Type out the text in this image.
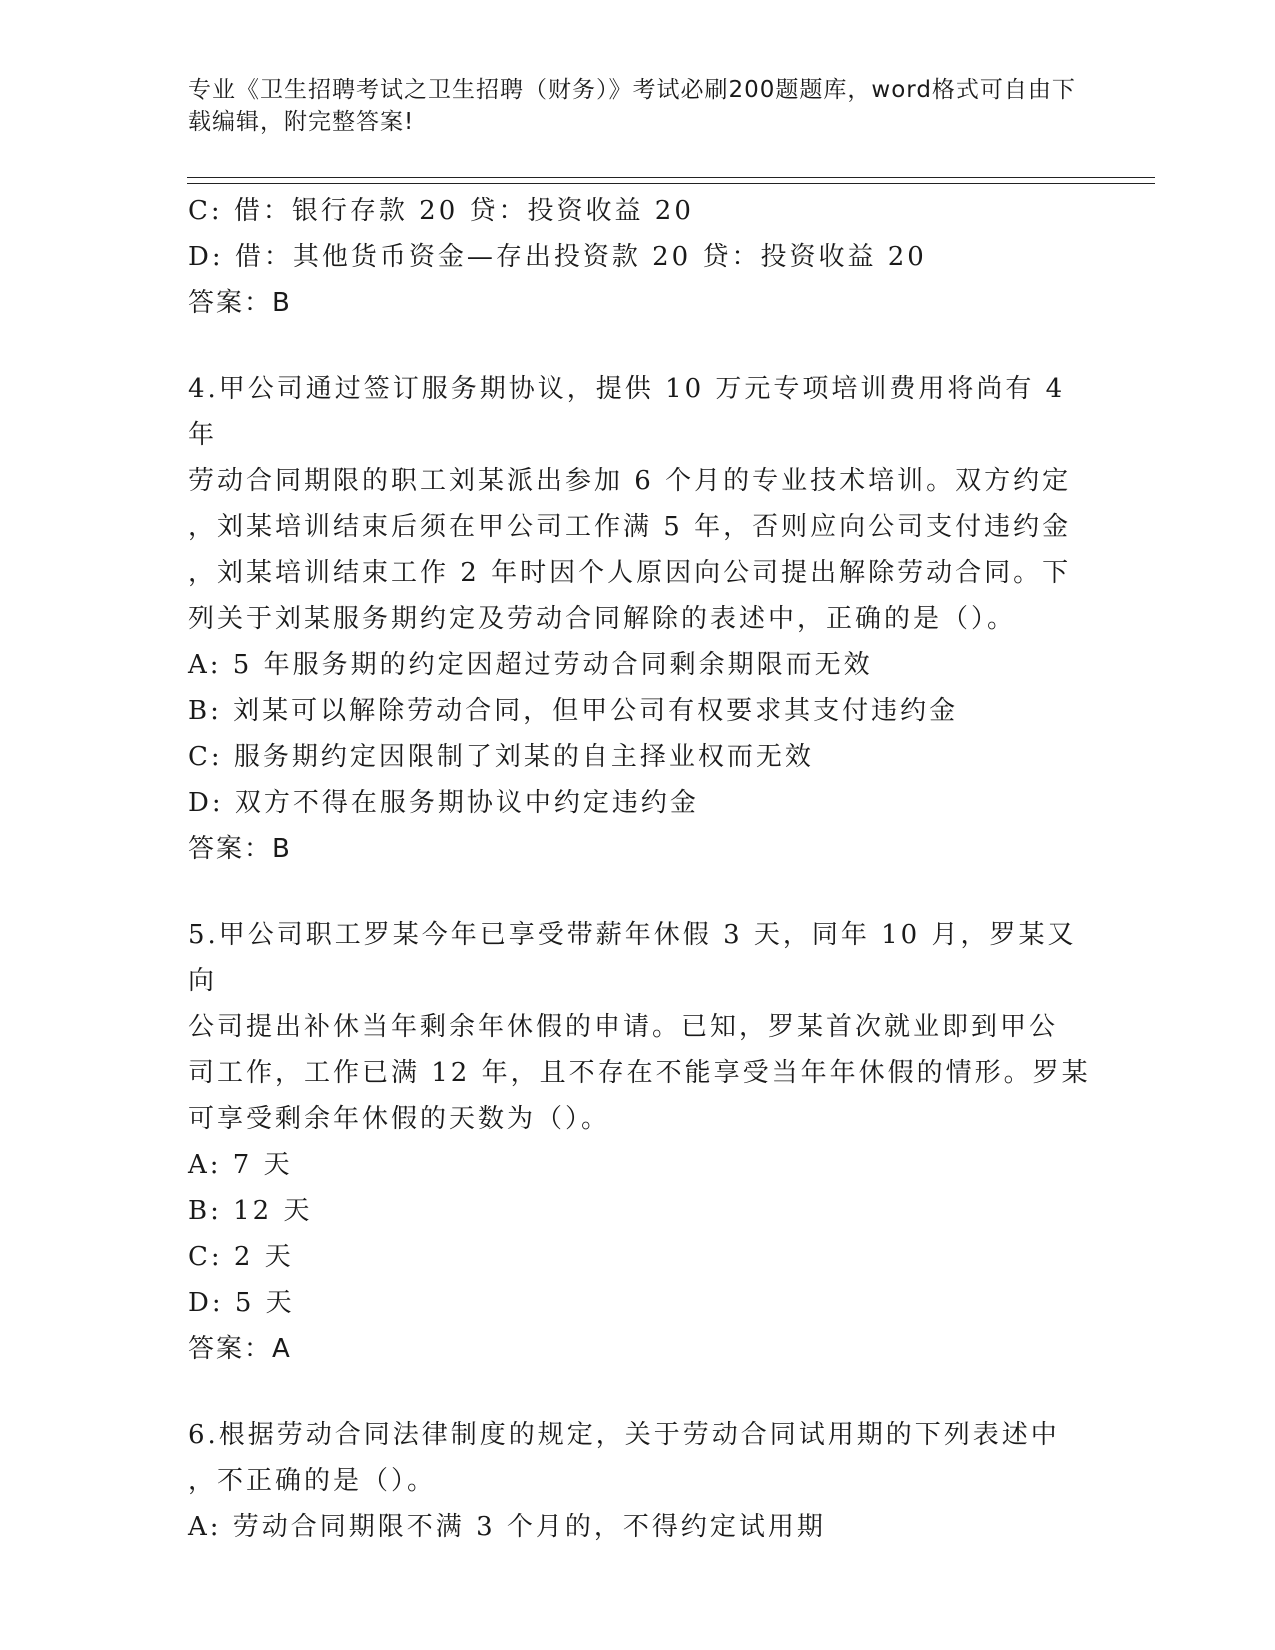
专业《卫生招聘考试之卫生招聘（财务）》考试必刷200题题库，word格式可自由下载编辑，附完整答案!
C: 借：银行存款 20 贷：投资收益 20
D: 借：其他货币资金—存出投资款 20 贷：投资收益 20
答案：B
4.甲公司通过签订服务期协议，提供 10 万元专项培训费用将尚有 4 年
劳动合同期限的职工刘某派出参加 6 个月的专业技术培训。双方约定
，刘某培训结束后须在甲公司工作满 5 年，否则应向公司支付违约金
，刘某培训结束工作 2 年时因个人原因向公司提出解除劳动合同。下
列关于刘某服务期约定及劳动合同解除的表述中，正确的是（）。
A: 5 年服务期的约定因超过劳动合同剩余期限而无效
B: 刘某可以解除劳动合同，但甲公司有权要求其支付违约金
C: 服务期约定因限制了刘某的自主择业权而无效
D: 双方不得在服务期协议中约定违约金
答案：B
5.甲公司职工罗某今年已享受带薪年休假 3 天，同年 10 月，罗某又向
公司提出补休当年剩余年休假的申请。已知，罗某首次就业即到甲公
司工作，工作已满 12 年，且不存在不能享受当年年休假的情形。罗某
可享受剩余年休假的天数为（）。
A: 7 天
B: 12 天
C: 2 天
D: 5 天
答案：A
6.根据劳动合同法律制度的规定，关于劳动合同试用期的下列表述中
，不正确的是（）。
A: 劳动合同期限不满 3 个月的，不得约定试用期
